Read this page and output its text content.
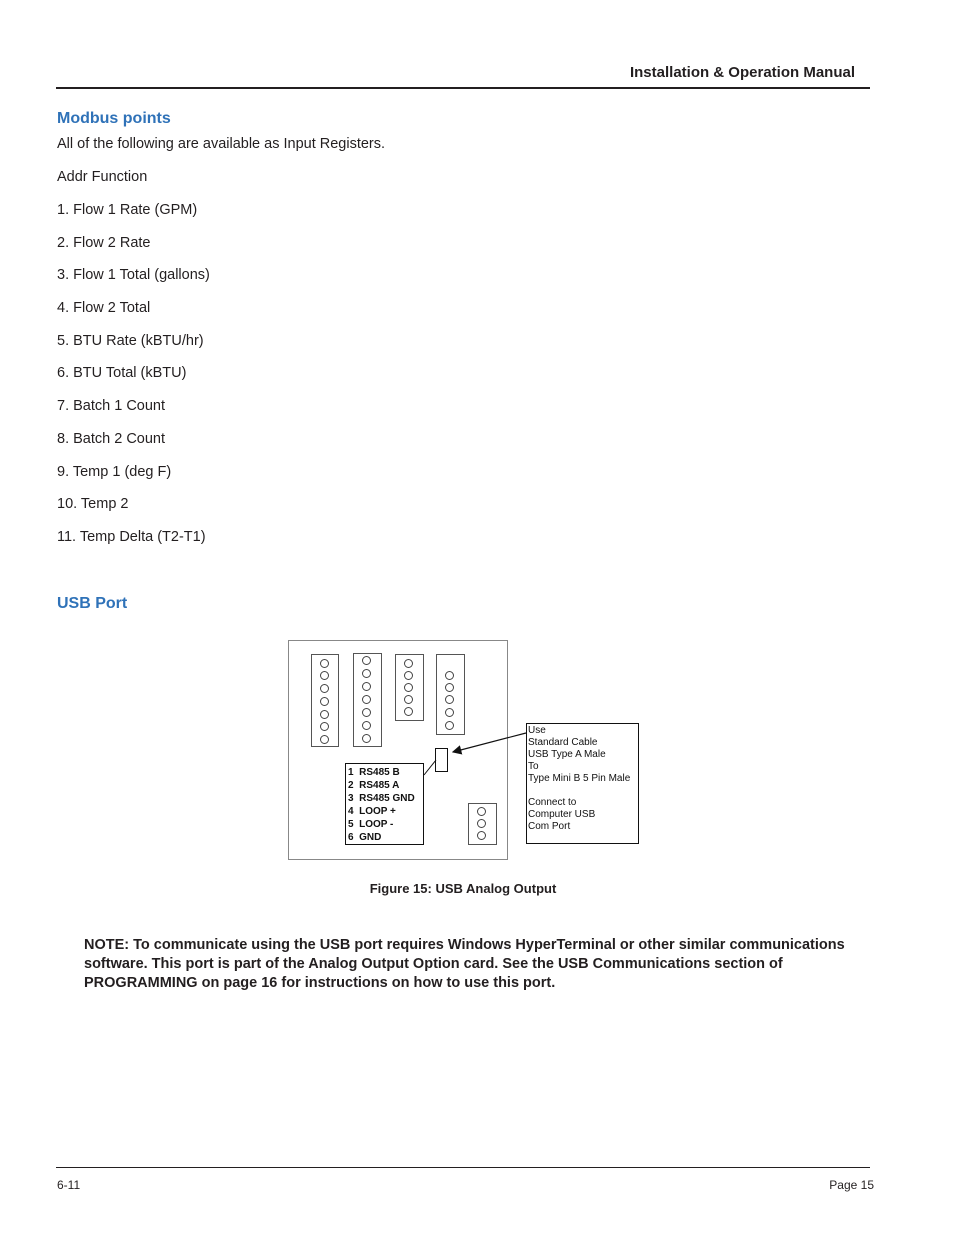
Installation & Operation Manual
Modbus points
All of the following are available as Input Registers.
Addr Function
1. Flow 1 Rate (GPM)
2. Flow 2 Rate
3. Flow 1 Total (gallons)
4. Flow 2 Total
5. BTU Rate (kBTU/hr)
6. BTU Total (kBTU)
7. Batch 1 Count
8. Batch 2 Count
9. Temp 1 (deg F)
10. Temp 2
11. Temp Delta (T2-T1)
USB Port
1  RS485 B
2  RS485 A
3  RS485 GND
4  LOOP +
5  LOOP -
6  GND
Use
Standard Cable
USB Type A Male
To
Type Mini B 5 Pin Male
Connect to
Computer USB
Com Port
Figure 15: USB Analog Output
NOTE: To communicate using the USB port requires Windows HyperTerminal or other similar communications software. This port is part of the Analog Output Option card. See the USB Communications section of PROGRAMMING on page 16 for instructions on how to use this port.
6-11	Page 15
